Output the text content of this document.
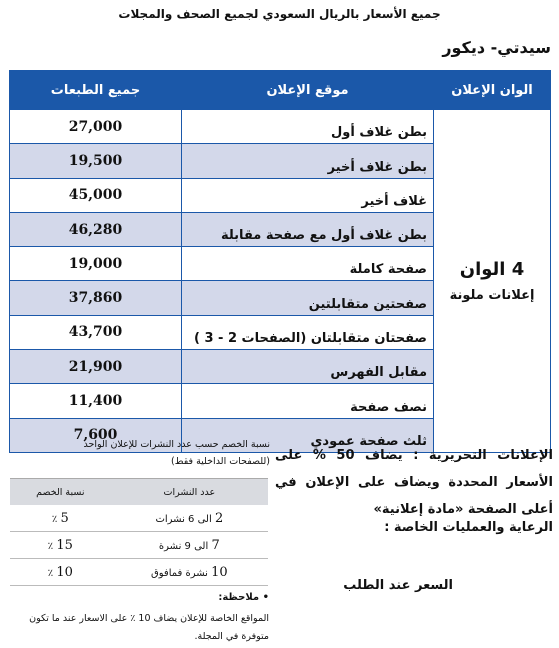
جميع الأسعار بالريال السعودي لجميع الصحف والمجلات
سيدتي- ديكور
الوان الإعلان	موقع الإعلان	جميع الطبعات

4 الوان
إعلانات ملونة	بطن غلاف أول	27,000
	بطن غلاف أخير	19,500
	غلاف أخير	45,000
	بطن غلاف أول مع صفحة مقابلة	46,280
	صفحة كاملة	19,000
	صفحتين متقابلتين	37,860
	صفحتان متقابلتان (الصفحات 2 - 3 )	43,700
	مقابل الفهرس	21,900
	نصف صفحة	11,400
	ثلث صفحة عمودي	7,600
الإعلانات التحريرية : يضاف 50 % على الأسعار المحددة ويضاف على الإعلان في أعلى الصفحة «مادة إعلانية»
الرعاية والعمليات الخاصة :
السعر عند الطلب
نسبة الخصم حسب عدد النشرات للإعلان الواحد
(للصفحات الداخلية فقط)
عدد النشرات	نسبة الخصم
2 الى 6 نشرات	5 ٪
7 الى 9 نشرة	15 ٪
10 نشرة فمافوق	10 ٪
• ملاحظة:
المواقع الخاصة للإعلان يضاف 10 ٪ على الاسعار عند ما تكون متوفرة في المجلة.
